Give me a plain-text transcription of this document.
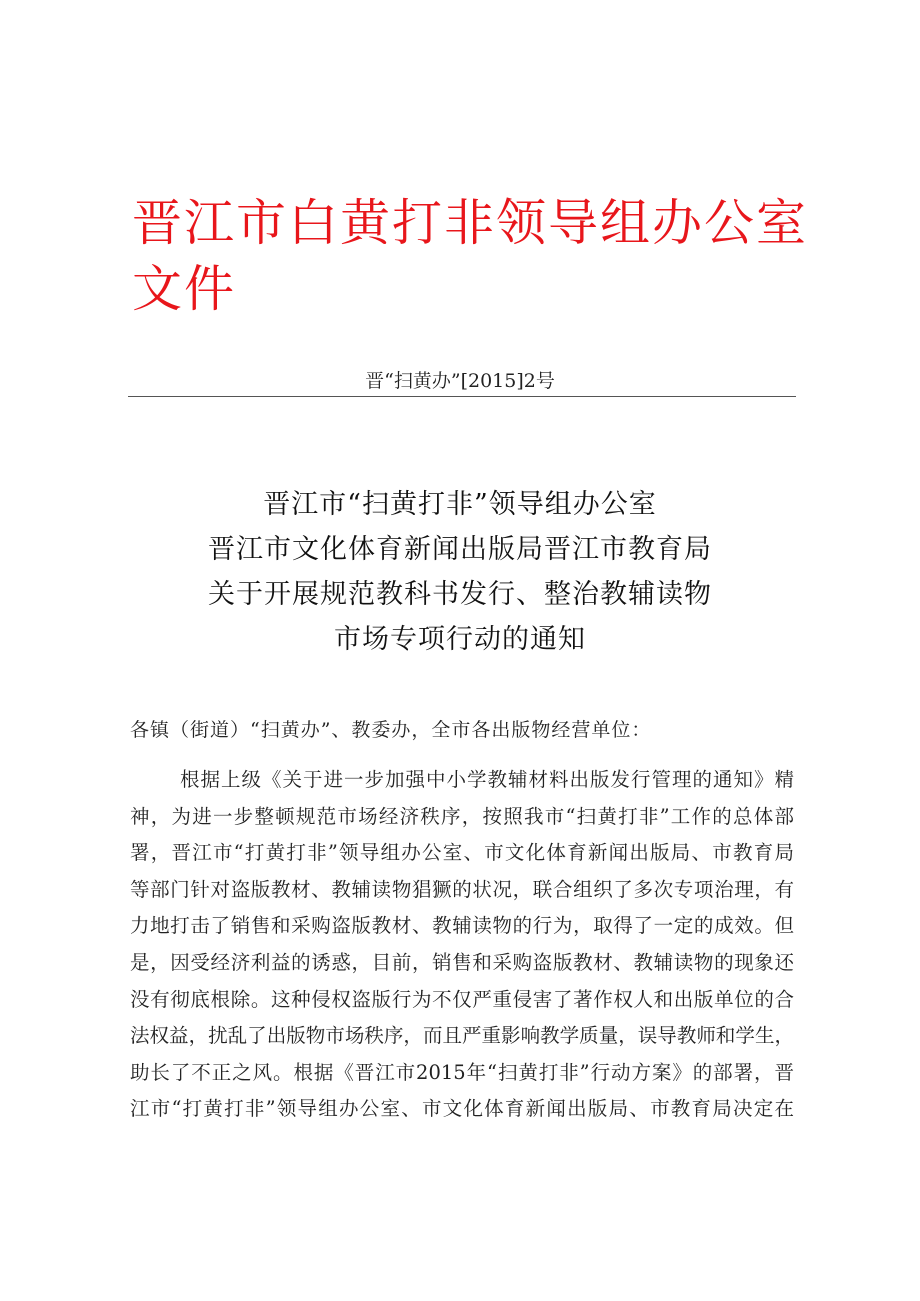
晋江市白黄打非领导组办公室文件
晋“扫黄办”[2015]2号
晋江市“扫黄打非”领导组办公室
晋江市文化体育新闻出版局晋江市教育局
关于开展规范教科书发行、整治教辅读物
市场专项行动的通知
各镇（街道）“扫黄办”、教委办，全市各出版物经营单位：
根据上级《关于进一步加强中小学教辅材料出版发行管理的通知》精
神，为进一步整顿规范市场经济秩序，按照我市“扫黄打非”工作的总体部
署，晋江市“打黄打非”领导组办公室、市文化体育新闻出版局、市教育局
等部门针对盗版教材、教辅读物猖獗的状况，联合组织了多次专项治理，有
力地打击了销售和采购盗版教材、教辅读物的行为，取得了一定的成效。但
是，因受经济利益的诱惑，目前，销售和采购盗版教材、教辅读物的现象还
没有彻底根除。这种侵权盗版行为不仅严重侵害了著作权人和出版单位的合
法权益，扰乱了出版物市场秩序，而且严重影响教学质量，误导教师和学生，
助长了不正之风。根据《晋江市2015年“扫黄打非”行动方案》的部署，晋
江市“打黄打非”领导组办公室、市文化体育新闻出版局、市教育局决定在
